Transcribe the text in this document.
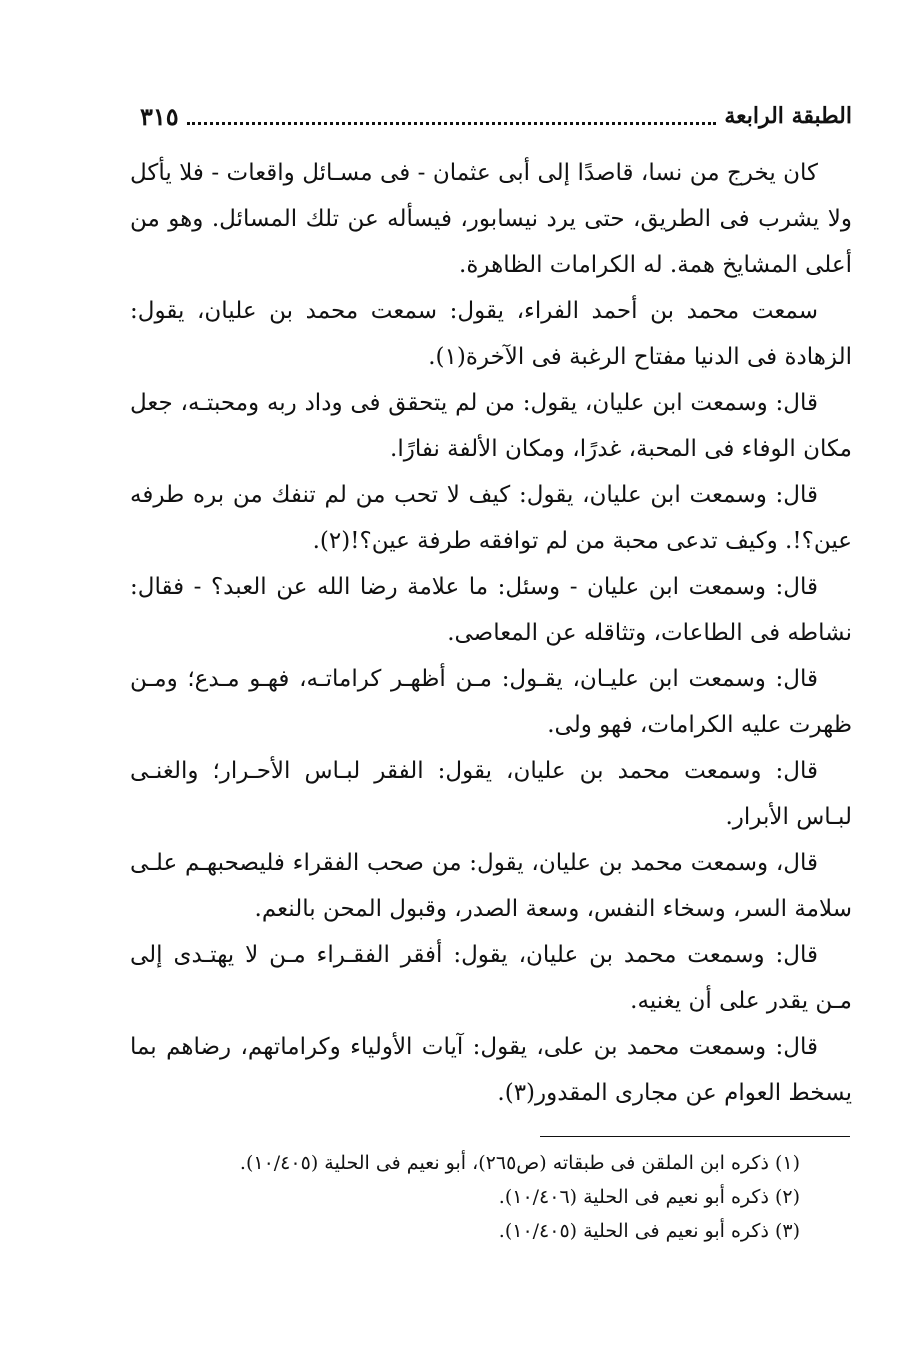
الطبقة الرابعة
٣١٥

كان يخرج من نسا، قاصدًا إلى أبى عثمان - فى مسـائل واقعات - فلا يأكل ولا يشرب فى الطريق، حتى يرد نيسابور، فيسأله عن تلك المسائل. وهو من أعلى المشايخ همة. له الكرامات الظاهرة.

سمعت محمد بن أحمد الفراء، يقول: سمعت محمد بن عليان، يقول: الزهادة فى الدنيا مفتاح الرغبة فى الآخرة(١).

قال: وسمعت ابن عليان، يقول: من لم يتحقق فى وداد ربه ومحبتـه، جعل مكان الوفاء فى المحبة، غدرًا، ومكان الألفة نفارًا.

قال: وسمعت ابن عليان، يقول: كيف لا تحب من لم تنفك من بره طرفه عين؟!. وكيف تدعى محبة من لم توافقه طرفة عين؟!(٢).

قال: وسمعت ابن عليان - وسئل: ما علامة رضا الله عن العبد؟ - فقال: نشاطه فى الطاعات، وتثاقله عن المعاصى.

قال: وسمعت ابن عليـان، يقـول: مـن أظهـر كراماتـه، فهـو مـدع؛ ومـن ظهرت عليه الكرامات، فهو ولى.

قال: وسمعت محمد بن عليان، يقول: الفقر لبـاس الأحـرار؛ والغنـى لبـاس الأبرار.

قال، وسمعت محمد بن عليان، يقول: من صحب الفقراء فليصحبهـم علـى سلامة السر، وسخاء النفس، وسعة الصدر، وقبول المحن بالنعم.

قال: وسمعت محمد بن عليان، يقول: أفقر الفقـراء مـن لا يهتـدى إلى مـن يقدر على أن يغنيه.

قال: وسمعت محمد بن على، يقول: آيات الأولياء وكراماتهم، رضاهم بما يسخط العوام عن مجارى المقدور(٣).

(١) ذكره ابن الملقن فى طبقاته (ص٢٦٥)، أبو نعيم فى الحلية (١٠/٤٠٥).

(٢) ذكره أبو نعيم فى الحلية (١٠/٤٠٦).

(٣) ذكره أبو نعيم فى الحلية (١٠/٤٠٥).
